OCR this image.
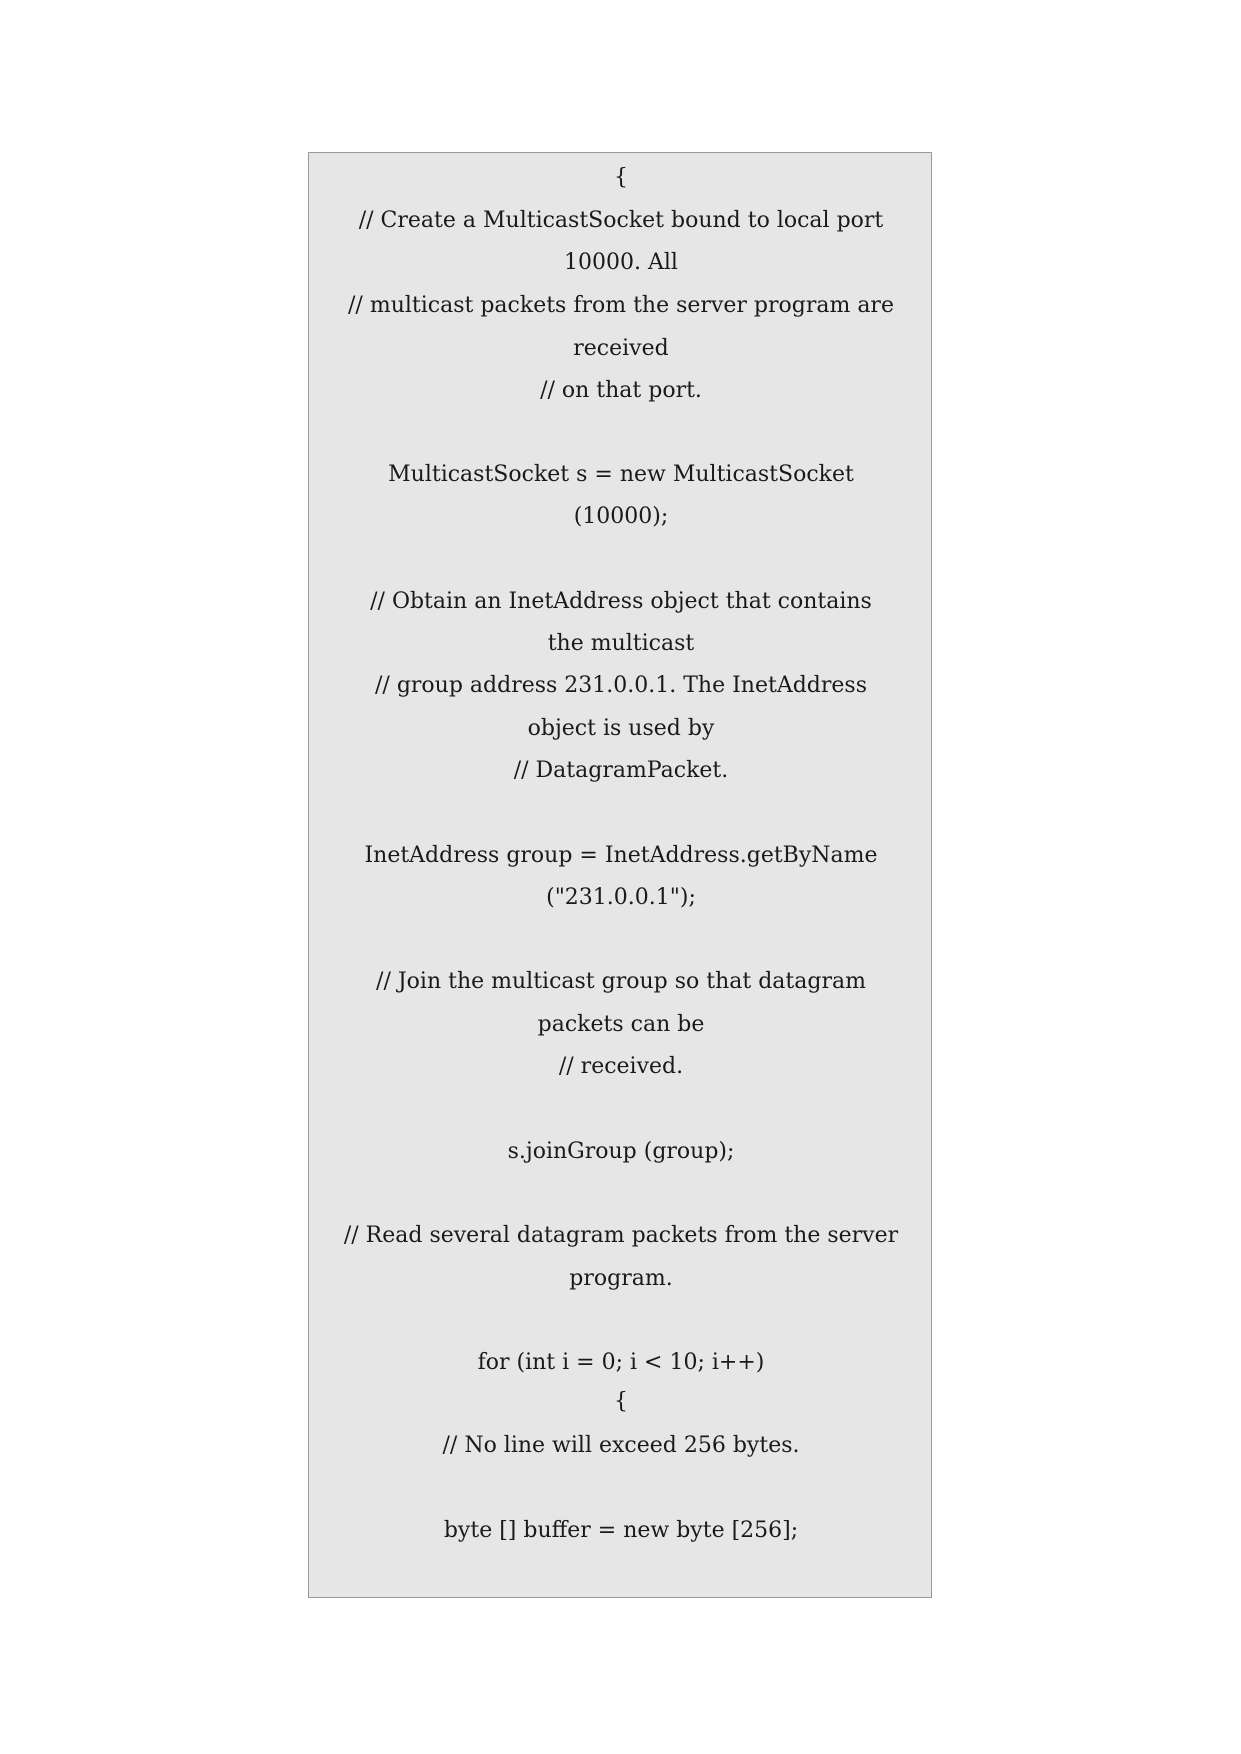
{
// Create a MulticastSocket bound to local port
10000. All
// multicast packets from the server program are
received
// on that port.
MulticastSocket s = new MulticastSocket
(10000);
// Obtain an InetAddress object that contains
the multicast
// group address 231.0.0.1. The InetAddress
object is used by
// DatagramPacket.
InetAddress group = InetAddress.getByName
("231.0.0.1");
// Join the multicast group so that datagram
packets can be
// received.
s.joinGroup (group);
// Read several datagram packets from the server
program.
for (int i = 0; i < 10; i++)
{
// No line will exceed 256 bytes.
byte [] buffer = new byte [256];
